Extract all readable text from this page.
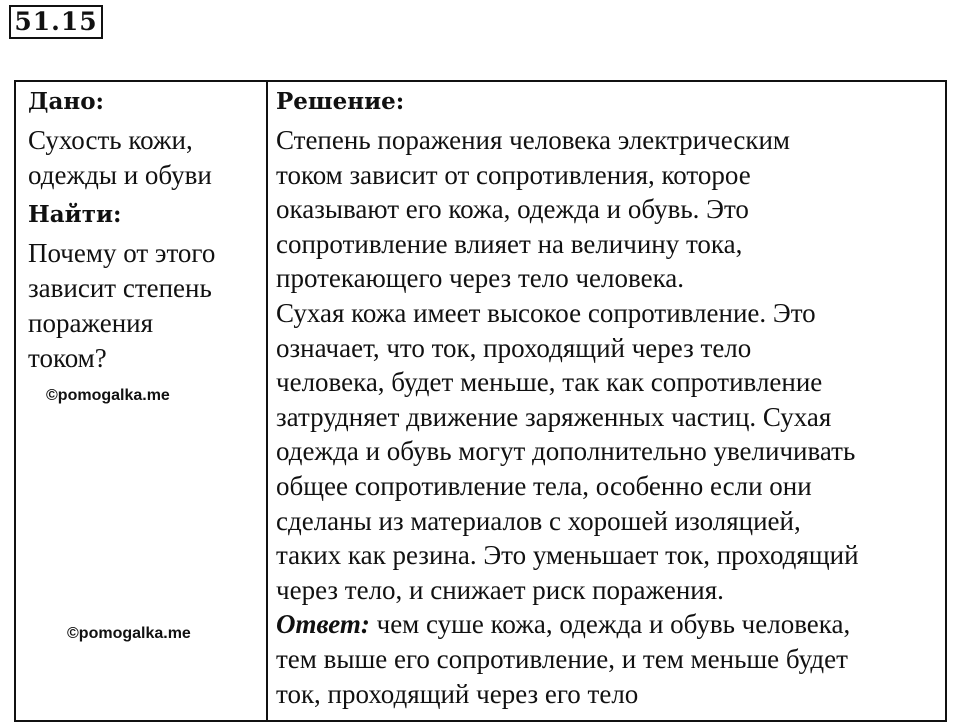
51.15
Дано:
Сухость кожи,
одежды и обуви
Найти:
Почему от этого
зависит степень
поражения
током?
Решение:
Степень поражения человека электрическим
током зависит от сопротивления, которое
оказывают его кожа, одежда и обувь. Это
сопротивление влияет на величину тока,
протекающего через тело человека.
Сухая кожа имеет высокое сопротивление. Это
означает, что ток, проходящий через тело
человека, будет меньше, так как сопротивление
затрудняет движение заряженных частиц. Сухая
одежда и обувь могут дополнительно увеличивать
общее сопротивление тела, особенно если они
сделаны из материалов с хорошей изоляцией,
таких как резина. Это уменьшает ток, проходящий
через тело, и снижает риск поражения.
Ответ: чем суше кожа, одежда и обувь человека,
тем выше его сопротивление, и тем меньше будет
ток, проходящий через его тело
©pomogalka.me
©pomogalka.me
